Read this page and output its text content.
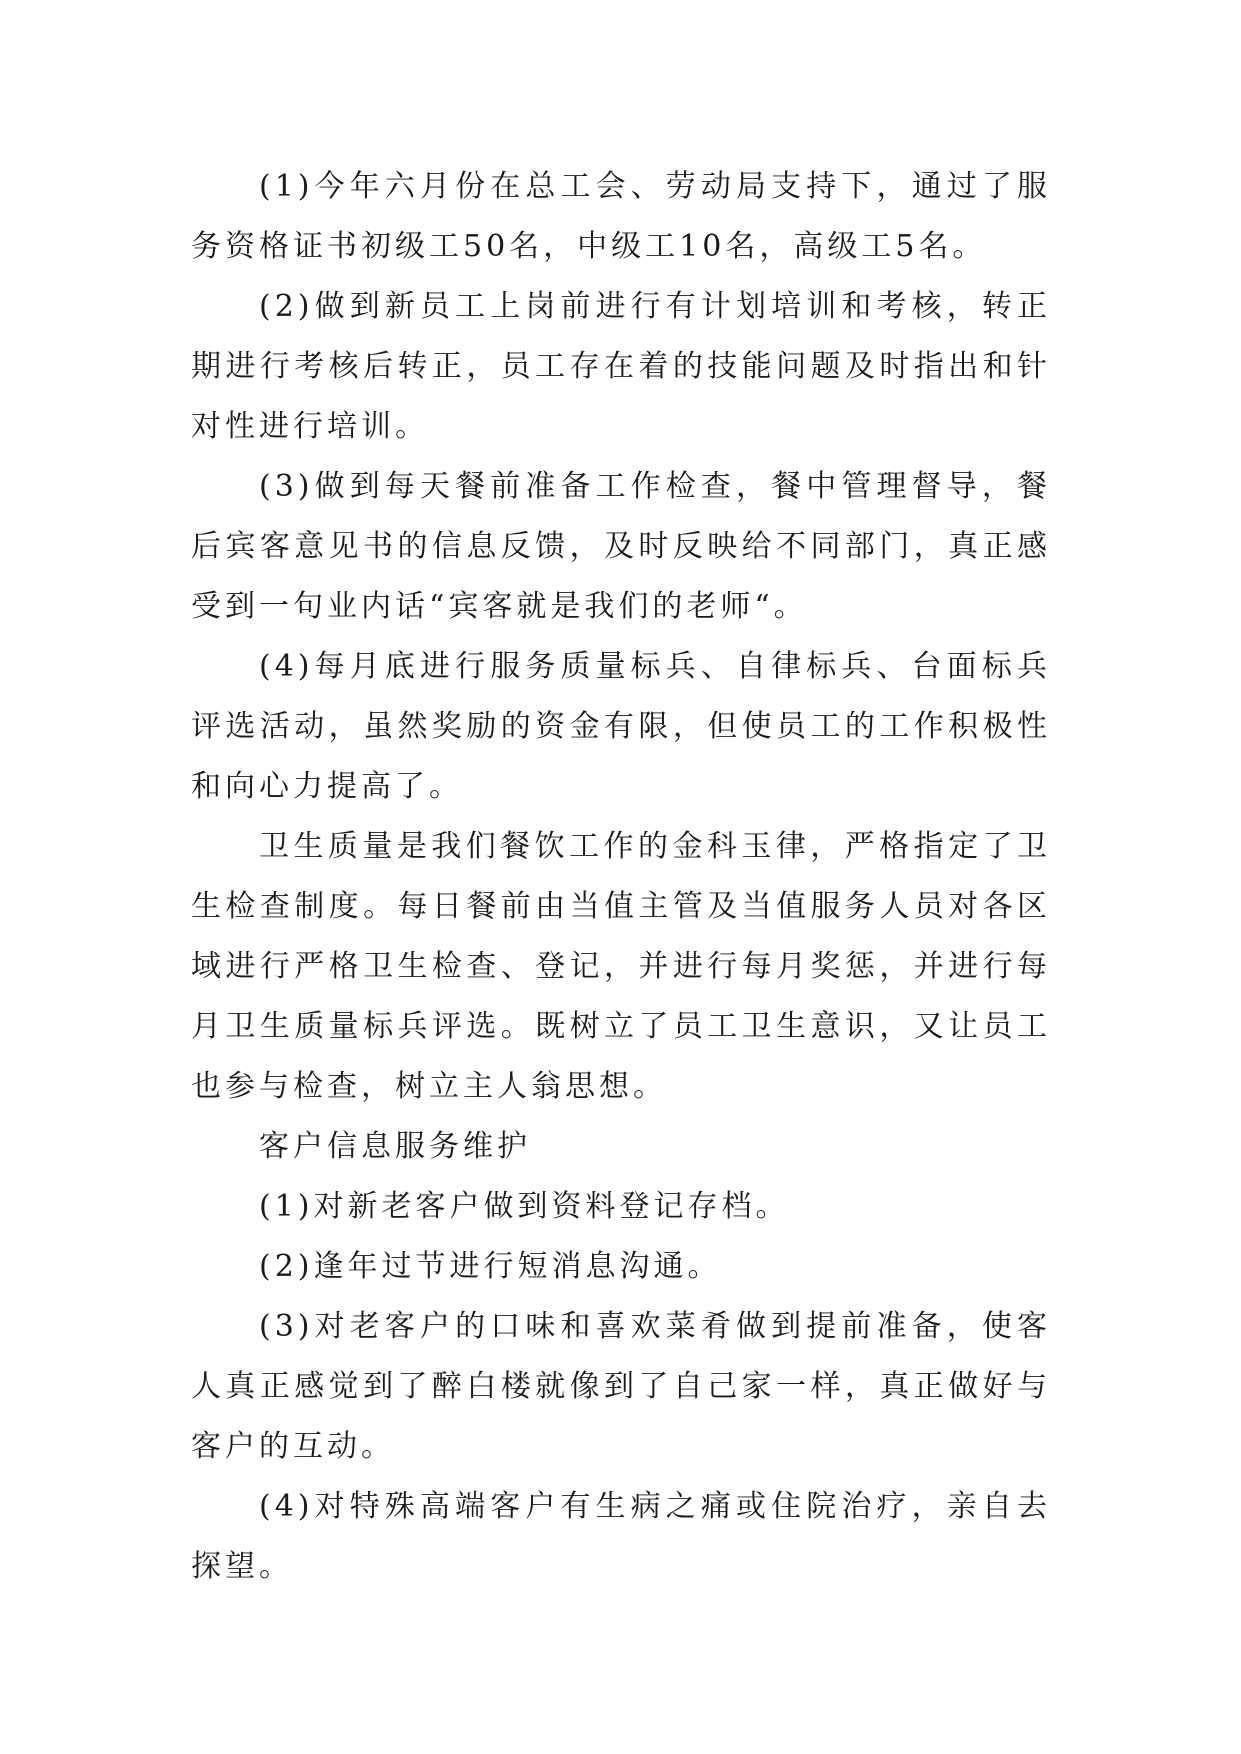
(1)今年六月份在总工会、劳动局支持下，通过了服务资格证书初级工50名，中级工10名，高级工5名。

(2)做到新员工上岗前进行有计划培训和考核，转正期进行考核后转正，员工存在着的技能问题及时指出和针对性进行培训。

(3)做到每天餐前准备工作检查，餐中管理督导，餐后宾客意见书的信息反馈，及时反映给不同部门，真正感受到一句业内话“宾客就是我们的老师“。

(4)每月底进行服务质量标兵、自律标兵、台面标兵评选活动，虽然奖励的资金有限，但使员工的工作积极性和向心力提高了。

卫生质量是我们餐饮工作的金科玉律，严格指定了卫生检查制度。每日餐前由当值主管及当值服务人员对各区域进行严格卫生检查、登记，并进行每月奖惩，并进行每月卫生质量标兵评选。既树立了员工卫生意识，又让员工也参与检查，树立主人翁思想。

客户信息服务维护

(1)对新老客户做到资料登记存档。

(2)逢年过节进行短消息沟通。

(3)对老客户的口味和喜欢菜肴做到提前准备，使客人真正感觉到了醉白楼就像到了自己家一样，真正做好与客户的互动。

(4)对特殊高端客户有生病之痛或住院治疗，亲自去探望。
